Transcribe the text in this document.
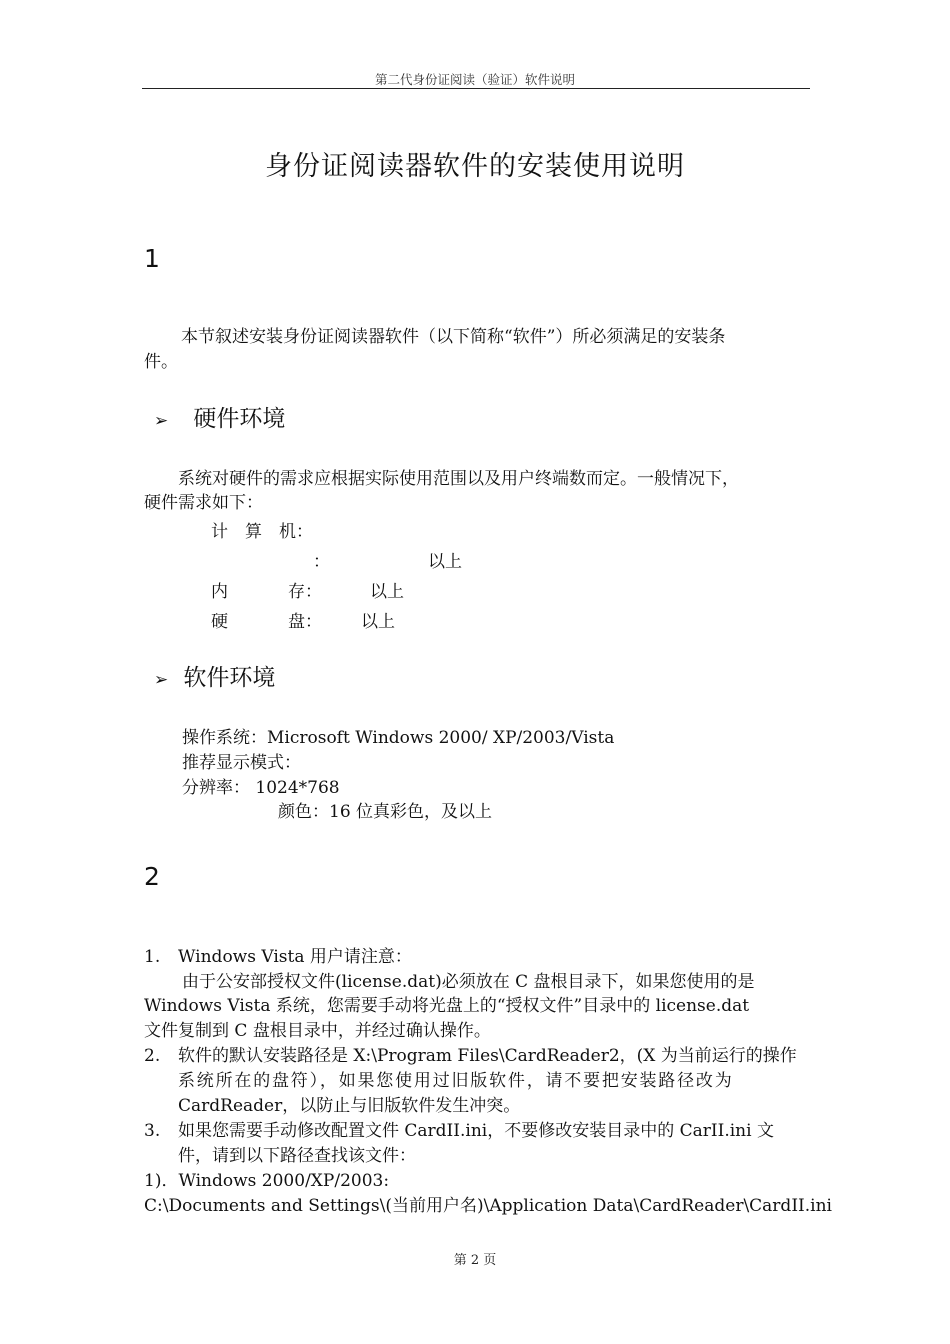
第二代身份证阅读（验证）软件说明
身份证阅读器软件的安装使用说明
1
本节叙述安装身份证阅读器软件（以下简称“软件”）所必须满足的安装条
件。
➢ 硬件环境
系统对硬件的需求应根据实际使用范围以及用户终端数而定。一般情况下，
硬件需求如下：
计　算　机：
：	以上
内	存：	以上
硬	盘： 以上
➢ 软件环境
操作系统：Microsoft Windows 2000/ XP/2003/Vista
推荐显示模式：
分辨率： 1024*768
颜色：16 位真彩色，及以上
2
1. Windows Vista 用户请注意：
由于公安部授权文件(license.dat)必须放在 C 盘根目录下，如果您使用的是
Windows Vista 系统，您需要手动将光盘上的“授权文件”目录中的 license.dat
文件复制到 C 盘根目录中，并经过确认操作。
2. 软件的默认安装路径是 X:\Program Files\CardReader2，(X 为当前运行的操作
系统所在的盘符），如果您使用过旧版软件，请不要把安装路径改为
CardReader，以防止与旧版软件发生冲突。
3. 如果您需要手动修改配置文件 CardII.ini，不要修改安装目录中的 CarII.ini 文
件，请到以下路径查找该文件：
1)．Windows 2000/XP/2003:
C:\Documents and Settings\(当前用户名)\Application Data\CardReader\CardII.ini
第 2 页
